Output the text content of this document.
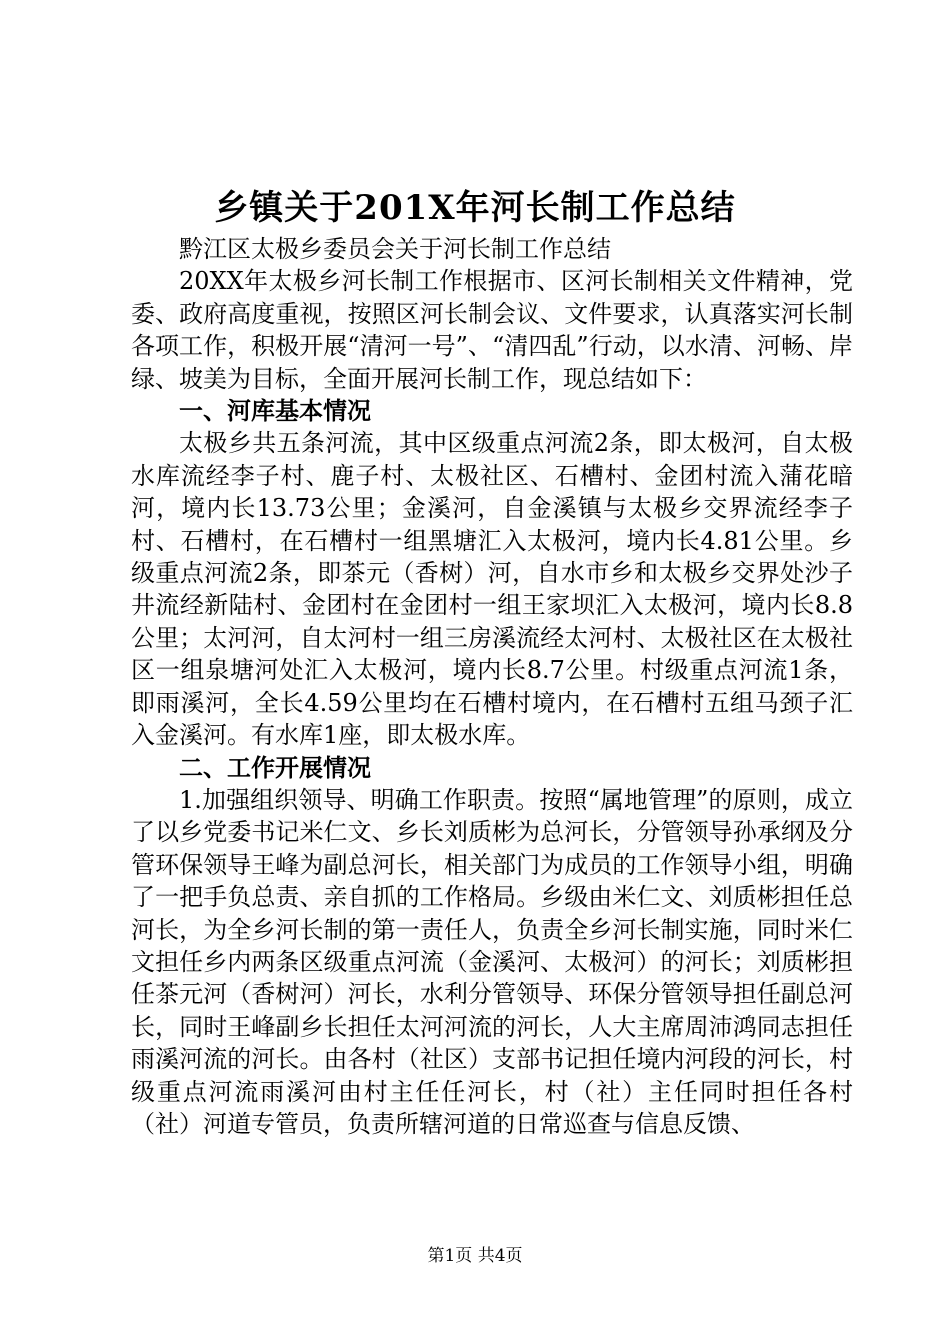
乡镇关于201X年河长制工作总结

黔江区太极乡委员会关于河长制工作总结

20XX年太极乡河长制工作根据市、区河长制相关文件精神，党委、政府高度重视，按照区河长制会议、文件要求，认真落实河长制各项工作，积极开展“清河一号”、“清四乱”行动，以水清、河畅、岸绿、坡美为目标，全面开展河长制工作，现总结如下：

一、河库基本情况

太极乡共五条河流，其中区级重点河流2条，即太极河，自太极水库流经李子村、鹿子村、太极社区、石槽村、金团村流入蒲花暗河，境内长13.73公里；金溪河，自金溪镇与太极乡交界流经李子村、石槽村，在石槽村一组黑塘汇入太极河，境内长4.81公里。乡级重点河流2条，即茶元（香树）河，自水市乡和太极乡交界处沙子井流经新陆村、金团村在金团村一组王家坝汇入太极河，境内长8.8公里；太河河，自太河村一组三房溪流经太河村、太极社区在太极社区一组泉塘河处汇入太极河，境内长8.7公里。村级重点河流1条，即雨溪河，全长4.59公里均在石槽村境内，在石槽村五组马颈子汇入金溪河。有水库1座，即太极水库。

二、工作开展情况

1.加强组织领导、明确工作职责。按照“属地管理”的原则，成立了以乡党委书记米仁文、乡长刘质彬为总河长，分管领导孙承纲及分管环保领导王峰为副总河长，相关部门为成员的工作领导小组，明确了一把手负总责、亲自抓的工作格局。乡级由米仁文、刘质彬担任总河长，为全乡河长制的第一责任人，负责全乡河长制实施，同时米仁文担任乡内两条区级重点河流（金溪河、太极河）的河长；刘质彬担任茶元河（香树河）河长，水利分管领导、环保分管领导担任副总河长，同时王峰副乡长担任太河河流的河长，人大主席周沛鸿同志担任雨溪河流的河长。由各村（社区）支部书记担任境内河段的河长，村级重点河流雨溪河由村主任任河长，村（社）主任同时担任各村（社）河道专管员，负责所辖河道的日常巡查与信息反馈、

第1页 共4页
